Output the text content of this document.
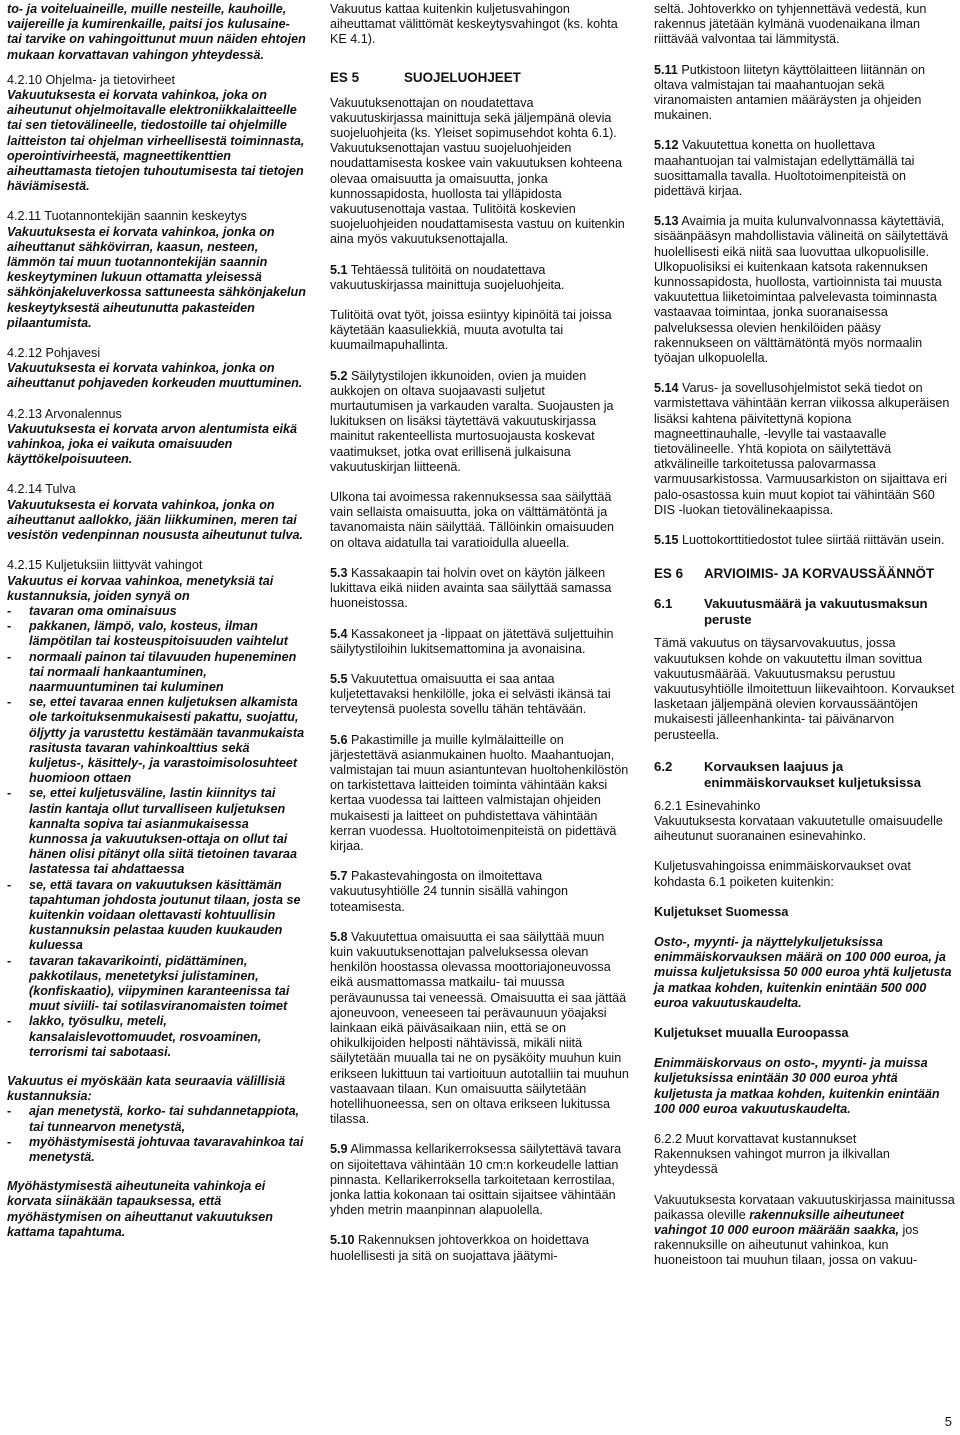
to- ja voiteluaineille, muille nesteille, kauhoille, vaijereille ja kumirenkaille, paitsi jos kulusaine- tai tarvike on vahingoittunut muun näiden ehtojen mukaan korvattavan vahingon yhteydessä.

4.2.10 Ohjelma- ja tietovirheet

Vakuutuksesta ei korvata vahinkoa, joka on aiheutunut ohjelmoitavalle elektroniikkalaitteelle tai sen tietovälineelle, tiedostoille tai ohjelmille laitteiston tai ohjelman virheellisestä toiminnasta, operointivirheestä, magneettikenttien aiheuttamasta tietojen tuhoutumisesta tai tietojen häviämisestä.

4.2.11 Tuotannontekijän saannin keskeytys

Vakuutuksesta ei korvata vahinkoa, jonka on aiheuttanut sähkövirran, kaasun, nesteen, lämmön tai muun tuotannontekijän saannin keskeytyminen lukuun ottamatta yleisessä sähkönjakeluverkossa sattuneesta sähkönjakelun keskeytyksestä aiheutunutta pakasteiden pilaantumista.

4.2.12 Pohjavesi

Vakuutuksesta ei korvata vahinkoa, jonka on aiheuttanut pohjaveden korkeuden muuttuminen.

4.2.13 Arvonalennus

Vakuutuksesta ei korvata arvon alentumista eikä vahinkoa, joka ei vaikuta omaisuuden käyttökelpoisuuteen.

4.2.14 Tulva

Vakuutuksesta ei korvata vahinkoa, jonka on aiheuttanut aallokko, jään liikkuminen, meren tai vesistön vedenpinnan noususta aiheutunut tulva.

4.2.15 Kuljetuksiin liittyvät vahingot

Vakuutus ei korvaa vahinkoa, menetyksiä tai kustannuksia, joiden synyä on

-	tavaran oma ominaisuus
-	pakkanen, lämpö, valo, kosteus, ilman lämpötilan tai kosteuspitoisuuden vaihtelut
-	normaali painon tai tilavuuden hupeneminen tai normaali hankaantuminen, naarmuuntuminen tai kuluminen
-	se, ettei tavaraa ennen kuljetuksen alkamista ole tarkoituksenmukaisesti pakattu, suojattu, öljytty ja varustettu kestämään tavanmukaista rasitusta tavaran vahinkoalttius sekä kuljetus-, käsittely-, ja varastoimisolosuhteet huomioon ottaen
-	se, ettei kuljetusväline, lastin kiinnitys tai lastin kantaja ollut turvalliseen kuljetuksen kannalta sopiva tai asianmukaisessa kunnossa ja vakuutuksen-ottaja on ollut tai hänen olisi pitänyt olla siitä tietoinen tavaraa lastatessa tai ahdattaessa
-	se, että tavara on vakuutuksen käsittämän tapahtuman johdosta joutunut tilaan, josta se kuitenkin voidaan olettavasti kohtuullisin kustannuksin pelastaa kuuden kuukauden kuluessa
-	tavaran takavarikointi, pidättäminen, pakkotilaus, menetetyksi julistaminen, (konfiskaatio), viipyminen karanteenissa tai muut siviili- tai sotilasviranomaisten toimet
-	lakko, työsulku, meteli, kansalaislevottomuudet, rosvoaminen, terrorismi tai sabotaasi.

Vakuutus ei myöskään kata seuraavia välillisiä kustannuksia:

-	ajan menetystä, korko- tai suhdannetappiota, tai tunnearvon menetystä,
-	myöhästymisestä johtuvaa tavaravahinkoa tai menetystä.

Myöhästymisestä aiheutuneita vahinkoja ei korvata siinäkään tapauksessa, että myöhästymisen on aiheuttanut vakuutuksen kattama tapahtuma.

Vakuutus kattaa kuitenkin kuljetusvahingon aiheuttamat välittömät keskeytysvahingot (ks. kohta KE 4.1).

ES 5	SUOJELUOHJEET

Vakuutuksenottajan on noudatettava vakuutuskirjassa mainittuja sekä jäljempänä olevia suojeluohjeita (ks. Yleiset sopimusehdot kohta 6.1).

Vakuutuksenottajan vastuu suojeluohjeiden noudattamisesta koskee vain vakuutuksen kohteena olevaa omaisuutta ja omaisuutta, jonka kunnossapidosta, huollosta tai ylläpidosta vakuutusenottaja vastaa. Tulitöitä koskevien suojeluohjeiden noudattamisesta vastuu on kuitenkin aina myös vakuutuksenottajalla.

5.1 Tehtäessä tulitöitä on noudatettava vakuutuskirjassa mainittuja suojeluohjeita.

Tulitöitä ovat työt, joissa esiintyy kipinöitä tai joissa käytetään kaasuliekkiä, muuta avotulta tai kuumailmapuhallinta.

5.2 Säilytystilojen ikkunoiden, ovien ja muiden aukkojen on oltava suojaavasti suljetut murtautumisen ja varkauden varalta. Suojausten ja lukituksen on lisäksi täytettävä vakuutuskirjassa mainitut rakenteellista murtosuojausta koskevat vaatimukset, jotka ovat erillisenä julkaisuna vakuutuskirjan liitteenä.

Ulkona tai avoimessa rakennuksessa saa säilyttää vain sellaista omaisuutta, joka on välttämätöntä ja tavanomaista näin säilyttää. Tällöinkin omaisuuden on oltava aidatulla tai varatioidulla alueella.

5.3 Kassakaapin tai holvin ovet on käytön jälkeen lukittava eikä niiden avainta saa säilyttää samassa huoneistossa.

5.4 Kassakoneet ja -lippaat on jätettävä suljettuihin säilytystiloihin lukitsemattomina ja avonaisina.

5.5 Vakuutettua omaisuutta ei saa antaa kuljetettavaksi henkilölle, joka ei selvästi ikänsä tai terveytensä puolesta sovellu tähän tehtävään.

5.6 Pakastimille ja muille kylmälaitteille on järjestettävä asianmukainen huolto. Maahantuojan, valmistajan tai muun asiantuntevan huoltohenkilöstön on tarkistettava laitteiden toiminta vähintään kaksi kertaa vuodessa tai laitteen valmistajan ohjeiden mukaisesti ja laitteet on puhdistettava vähintään kerran vuodessa. Huoltotoimenpiteistä on pidettävä kirjaa.

5.7 Pakastevahingosta on ilmoitettava vakuutusyhtiölle 24 tunnin sisällä vahingon toteamisesta.

5.8 Vakuutettua omaisuutta ei saa säilyttää muun kuin vakuutuksenottajan palveluksessa olevan henkilön hoostassa olevassa moottoriajoneuvossa eikä ausmattomassa matkailu- tai muussa perävaunussa tai veneessä. Omaisuutta ei saa jättää ajoneuvoon, veneeseen tai perävaunuun yöajaksi lainkaan eikä päiväsaikaan niin, että se on ohikulkijoiden helposti nähtävissä, mikäli niitä säilytetään muualla tai ne on pysäköity muuhun kuin erikseen lukittuun tai vartioituun autotalliin tai muuhun vastaavaan tilaan. Kun omaisuutta säilytetään hotellihuoneessa, sen on oltava erikseen lukitussa tilassa.

5.9 Alimmassa kellarikerroksessa säilytettävä tavara on sijoitettava vähintään 10 cm:n korkeudelle lattian pinnasta. Kellarikerroksella tarkoitetaan kerrostilaa, jonka lattia kokonaan tai osittain sijaitsee vähintään yhden metrin maanpinnan alapuolella.

5.10 Rakennuksen johtoverkkoa on hoidettava huolellisesti ja sitä on suojattava jäätymi-

seltä. Johtoverkko on tyhjennettävä vedestä, kun rakennus jätetään kylmänä vuodenaikana ilman riittävää valvontaa tai lämmitystä.

5.11 Putkistoon liitetyn käyttölaitteen liitännän on oltava valmistajan tai maahantuojan sekä viranomaisten antamien määräysten ja ohjeiden mukainen.

5.12 Vakuutettua konetta on huollettava maahantuojan tai valmistajan edellyttämällä tai suosittamalla tavalla. Huoltotoimenpiteistä on pidettävä kirjaa.

5.13 Avaimia ja muita kulunvalvonnassa käytettäviä, sisäänpääsyn mahdollistavia välineitä on säilytettävä huolellisesti eikä niitä saa luovuttaa ulkopuolisille. Ulkopuolisiksi ei kuitenkaan katsota rakennuksen kunnossapidosta, huollosta, vartioinnista tai muusta vakuutettua liiketoimintaa palvelevasta toiminnasta vastaavaa toimintaa, jonka suoranaisessa palveluksessa olevien henkilöiden pääsy rakennukseen on välttämätöntä myös normaalin työajan ulkopuolella.

5.14 Varus- ja sovellusohjelmistot sekä tiedot on varmistettava vähintään kerran viikossa alkuperäisen lisäksi kahtena päivitettynä kopiona magneettinauhalle, -levylle tai vastaavalle tietovälineelle. Yhtä kopiota on säilytettävä atkvälineille tarkoitetussa palovarmassa varmuusarkistossa. Varmuusarkiston on sijaittava eri palo-osastossa kuin muut kopiot tai vähintään S60 DIS -luokan tietovälinekaapissa.

5.15 Luottokorttitiedostot tulee siirtää riittävän usein.

ES 6	ARVIOIMIS- JA KORVAUSSÄÄNNÖT
6.1	Vakuutusmäärä ja vakuutusmaksun peruste

Tämä vakuutus on täysarvovakuutus, jossa vakuutuksen kohde on vakuutettu ilman sovittua vakuutusmäärää. Vakuutusmaksu perustuu vakuutusyhtiölle ilmoitettuun liikevaihtoon. Korvaukset lasketaan jäljempänä olevien korvaussääntöjen mukaisesti jälleenhankinta- tai päivänarvon perusteella.

6.2	Korvauksen laajuus ja enimmäiskorvaukset kuljetuksissa

6.2.1 Esinevahinko

Vakuutuksesta korvataan vakuutetulle omaisuudelle aiheutunut suoranainen esinevahinko.

Kuljetusvahingoissa enimmäiskorvaukset ovat kohdasta 6.1 poiketen kuitenkin:

Kuljetukset Suomessa

Osto-, myynti- ja näyttelykuljetuksissa enimmäiskorvauksen määrä on 100 000 euroa, ja muissa kuljetuksissa 50 000 euroa yhtä kuljetusta ja matkaa kohden, kuitenkin enintään 500 000 euroa vakuutuskaudelta.

Kuljetukset muualla Euroopassa

Enimmäiskorvaus on osto-, myynti- ja muissa kuljetuksissa enintään 30 000 euroa yhtä kuljetusta ja matkaa kohden, kuitenkin enintään 100 000 euroa vakuutuskaudelta.

6.2.2 Muut korvattavat kustannukset

Rakennuksen vahingot murron ja ilkivallan yhteydessä

Vakuutuksesta korvataan vakuutuskirjassa mainitussa paikassa oleville rakennuksille aiheutuneet vahingot 10 000 euroon määrään saakka, jos rakennuksille on aiheutunut vahinkoa, kun huoneistoon tai muuhun tilaan, jossa on vakuu-

5
